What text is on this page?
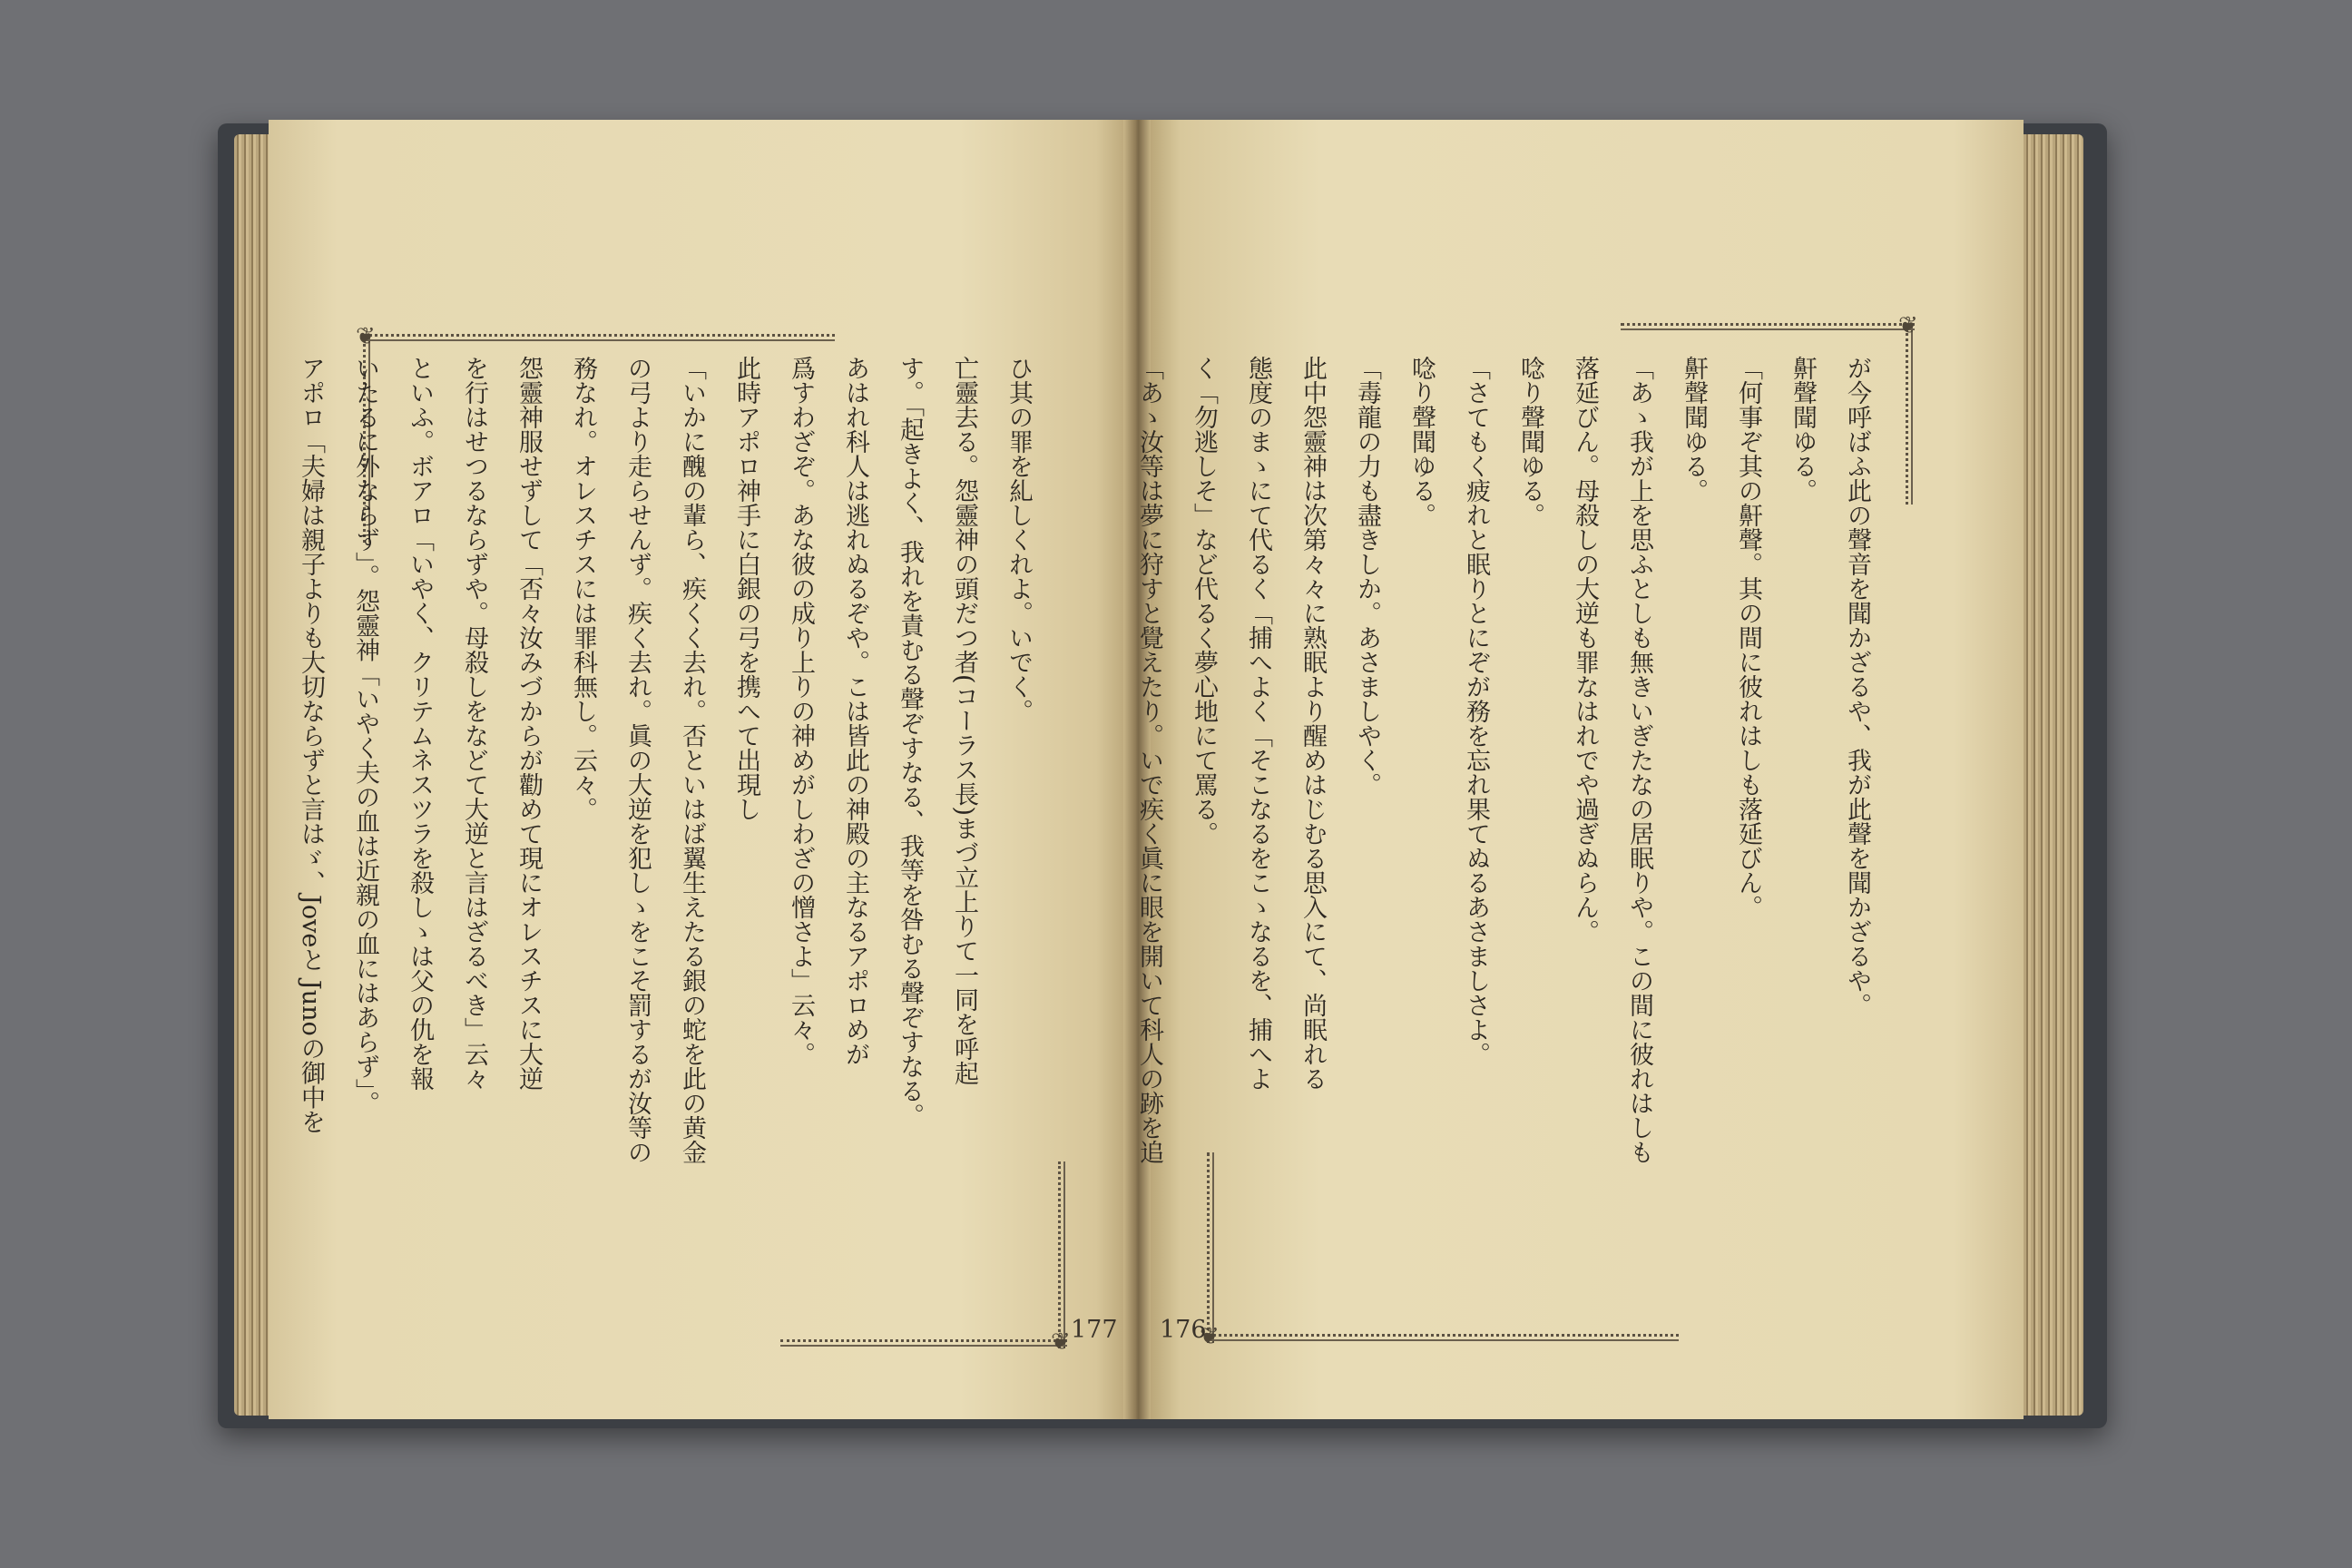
❦
❦
❦
❦
ひ其の罪を糺しくれよ。いでく。
亡靈去る。怨靈神の頭だつ者(コーラス長)まづ立上りて一同を呼起
す。「起きよく、我れを責むる聲ぞすなる、我等を咎むる聲ぞすなる。
あはれ科人は逃れぬるぞや。こは皆此の神殿の主なるアポロめが
爲すわざぞ。あな彼の成り上りの神めがしわざの憎さよ」云々。
此時アポロ神手に白銀の弓を携へて出現し
「いかに醜の輩ら、疾くく去れ。否といはば翼生えたる銀の蛇を此の黄金
の弓より走らせんず。疾く去れ。眞の大逆を犯しゝをこそ罰するが汝等の
務なれ。オレスチスには罪科無し。云々。
怨靈神服せずして「否々汝みづからが勸めて現にオレスチスに大逆
を行はせつるならずや。母殺しをなどて大逆と言はざるべき」云々
といふ。ボアロ「いやく、クリテムネスツラを殺しゝは父の仇を報
いたるに外ならず」。怨靈神「いやく夫の血は近親の血にはあらず」。
アポロ「夫婦は親子よりも大切ならずと言はゞ、Joveと Junoの御中を	が今呼ばふ此の聲音を聞かざるや、我が此聲を聞かざるや。
鼾聲聞ゆる。
「何事ぞ其の鼾聲。其の間に彼れはしも落延びん。
鼾聲聞ゆる。
「あゝ我が上を思ふとしも無きいぎたなの居眠りや。この間に彼れはしも
落延びん。母殺しの大逆も罪なはれでや過ぎぬらん。
唸り聲聞ゆる。
「さてもく疲れと眠りとにぞが務を忘れ果てぬるあさましさよ。
唸り聲聞ゆる。
「毒龍の力も盡きしか。あさましやく。
此中怨靈神は次第々々に熟眠より醒めはじむる思入にて、尚眠れる
態度のまゝにて代るく「捕へよく「そこなるをこゝなるを、捕へよ
く「勿逃しそ」など代るく夢心地にて罵る。
「あゝ汝等は夢に狩すと覺えたり。いで疾く眞に眼を開いて科人の跡を追
177 176
